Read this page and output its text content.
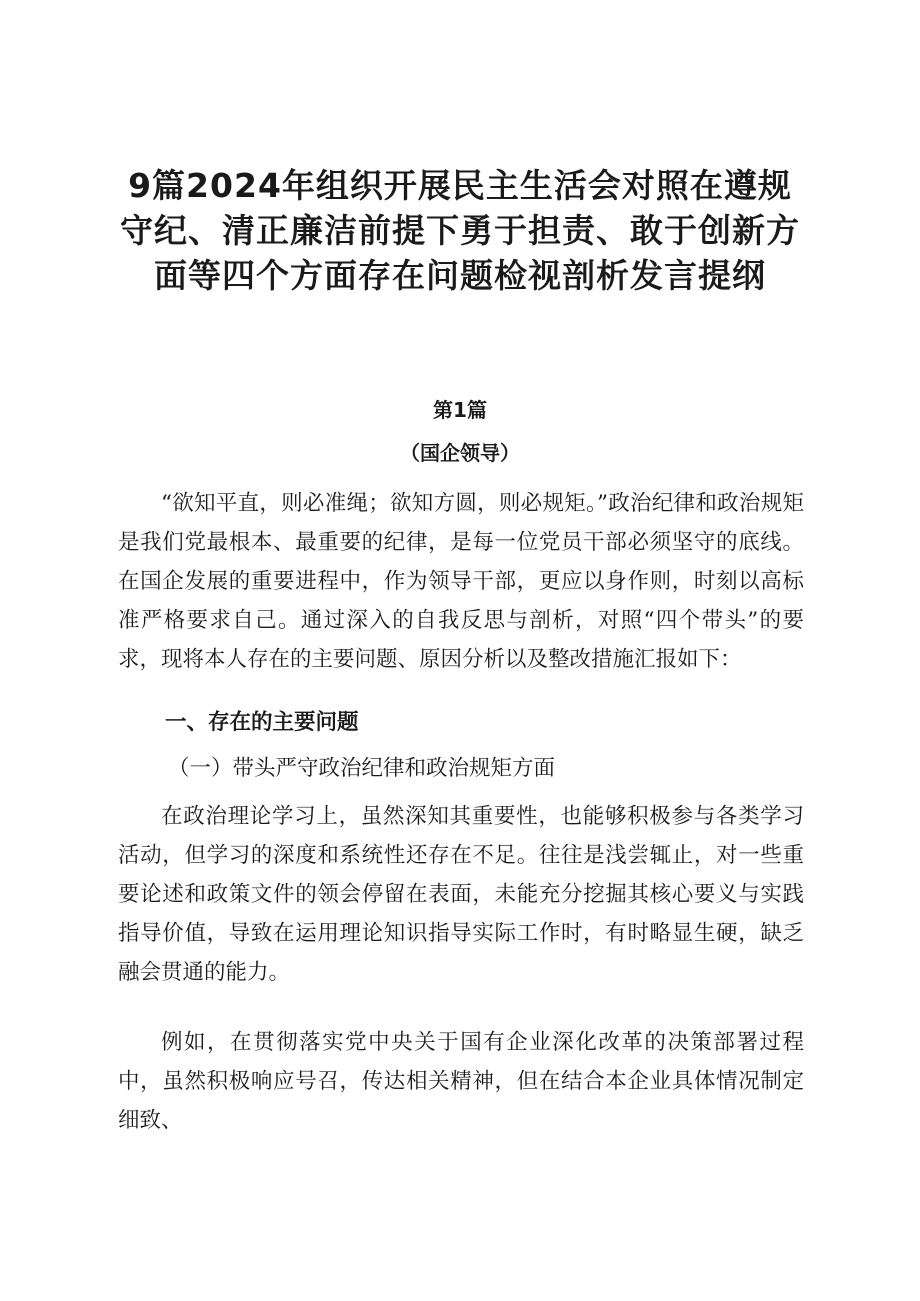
9篇2024年组织开展民主生活会对照在遵规
守纪、清正廉洁前提下勇于担责、敢于创新方
面等四个方面存在问题检视剖析发言提纲

第1篇

（国企领导）

“欲知平直，则必准绳；欲知方圆，则必规矩。”政治纪律和政治规矩是我们党最根本、最重要的纪律，是每一位党员干部必须坚守的底线。在国企发展的重要进程中，作为领导干部，更应以身作则，时刻以高标准严格要求自己。通过深入的自我反思与剖析，对照“四个带头”的要求，现将本人存在的主要问题、原因分析以及整改措施汇报如下：

一、存在的主要问题

（一）带头严守政治纪律和政治规矩方面

在政治理论学习上，虽然深知其重要性，也能够积极参与各类学习活动，但学习的深度和系统性还存在不足。往往是浅尝辄止，对一些重要论述和政策文件的领会停留在表面，未能充分挖掘其核心要义与实践指导价值，导致在运用理论知识指导实际工作时，有时略显生硬，缺乏融会贯通的能力。

例如，在贯彻落实党中央关于国有企业深化改革的决策部署过程中，虽然积极响应号召，传达相关精神，但在结合本企业具体情况制定细致、
